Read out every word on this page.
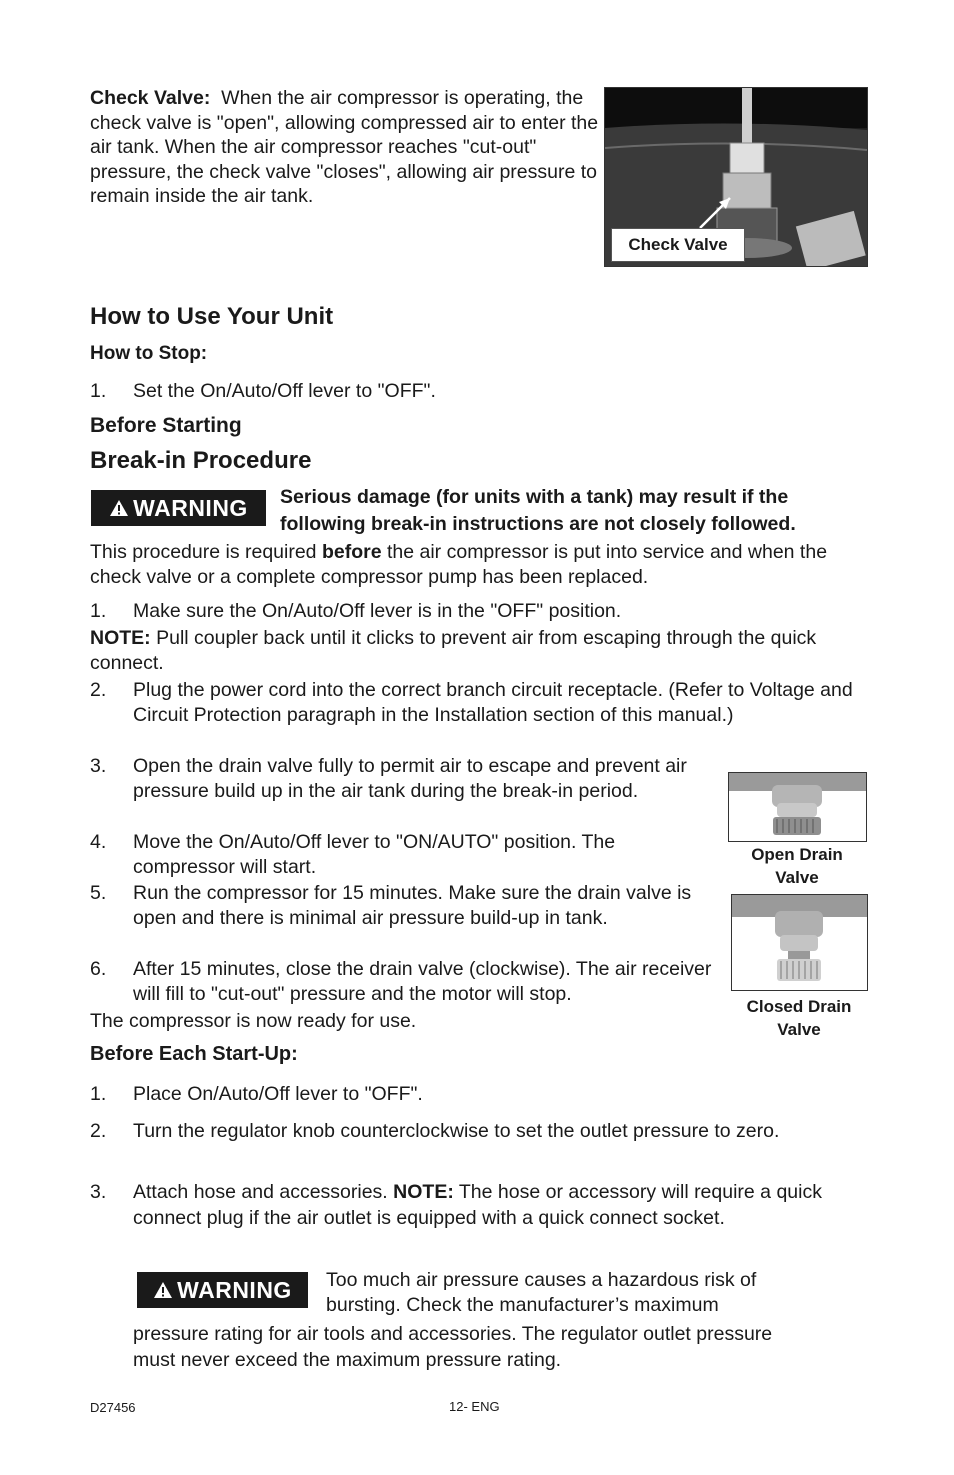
Check Valve: When the air compressor is operating, the check valve is "open", allowing compressed air to enter the air tank. When the air compressor reaches "cut-out" pressure, the check valve "closes", allowing air pressure to remain inside the air tank.
Check Valve
How to Use Your Unit
How to Stop:
1.	Set the On/Auto/Off lever to "OFF".
Before Starting
Break-in Procedure
WARNING Serious damage (for units with a tank) may result if the following break-in instructions are not closely followed.
This procedure is required before the air compressor is put into service and when the check valve or a complete compressor pump has been replaced.
1.	Make sure the On/Auto/Off lever is in the "OFF" position.
NOTE: Pull coupler back until it clicks to prevent air from escaping through the quick connect.
2.	Plug the power cord into the correct branch circuit receptacle. (Refer to Voltage and Circuit Protection paragraph in the Installation section of this manual.)
3.	Open the drain valve fully to permit air to escape and prevent air pressure build up in the air tank during the break-in period.
4.	Move the On/Auto/Off lever to "ON/AUTO" position. The compressor will start.
5.	Run the compressor for 15 minutes. Make sure the drain valve is open and there is minimal air pressure build-up in tank.
6.	After 15 minutes, close the drain valve (clockwise). The air receiver will fill to "cut-out" pressure and the motor will stop.
The compressor is now ready for use.
Open Drain Valve
Closed Drain Valve
Before Each Start-Up:
1.	Place On/Auto/Off lever to "OFF".
2.	Turn the regulator knob counterclockwise to set the outlet pressure to zero.
3.	Attach hose and accessories. NOTE: The hose or accessory will require a quick connect plug if the air outlet is equipped with a quick connect socket.
WARNING Too much air pressure causes a hazardous risk of bursting. Check the manufacturer’s maximum
pressure rating for air tools and accessories. The regulator outlet pressure must never exceed the maximum pressure rating.
D27456	12- ENG
